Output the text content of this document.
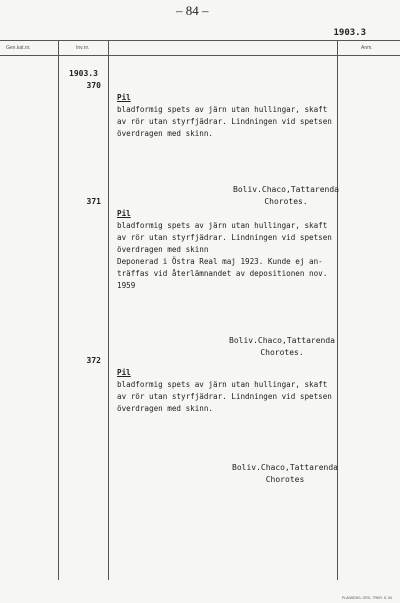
– 84 –
1903.3
Gen.kat.nr.	Inv.nr.	Anm.
1903.3
370

Pil
bladformig spets av järn utan hullingar, skaft
av rör utan styrfjädrar. Lindningen vid spetsen
överdragen med skinn.

Boliv.Chaco,Tattarenda
Chorotes.

371

Pil
bladformig spets av järn utan hullingar, skaft
av rör utan styrfjädrar. Lindningen vid spetsen
överdragen med skinn
Deponerad i Östra Real maj 1923. Kunde ej an-
träffas vid återlämnandet av depositionen nov.
1959

Boliv.Chaco,Tattarenda
Chorotes.

372

Pil
bladformig spets av järn utan hullingar, skaft
av rör utan styrfjädrar. Lindningen vid spetsen
överdragen med skinn.

Boliv.Chaco,Tattarenda
Chorotes

PLANSENS. GRG. TRKR. S. 64
